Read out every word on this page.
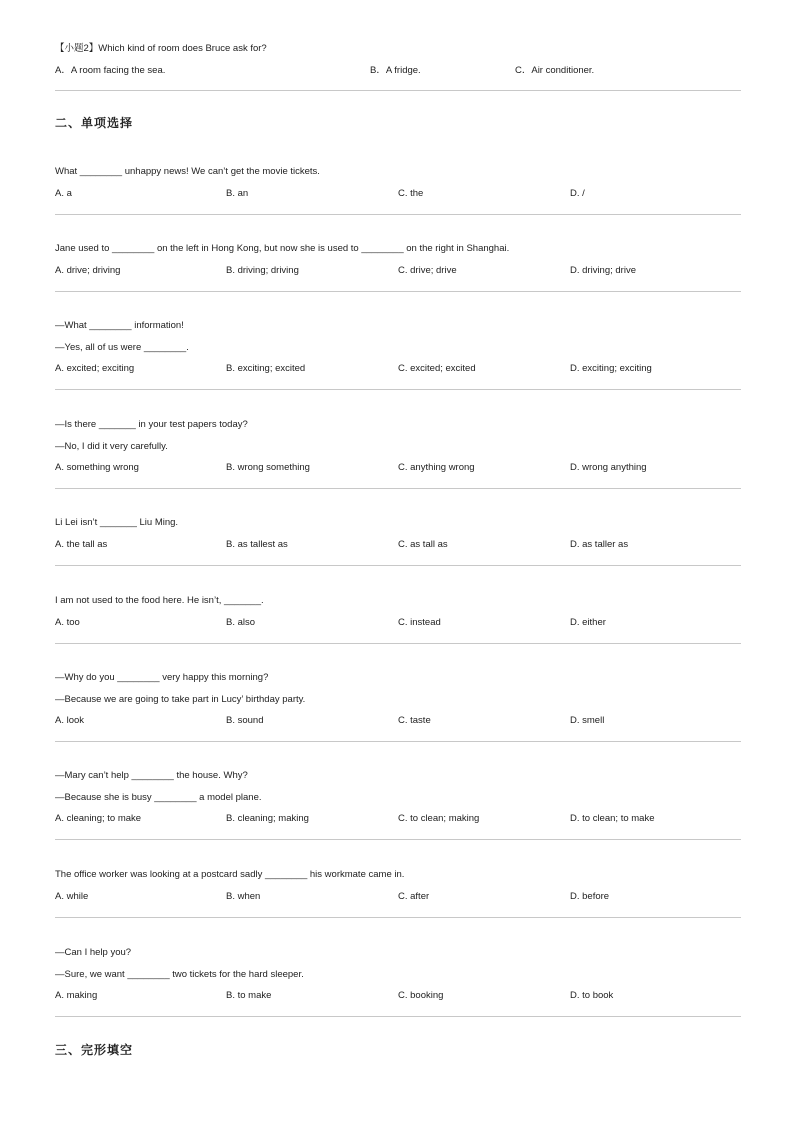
【小题2】Which kind of room does Bruce ask for?
A．A room facing the sea.	B．A fridge.	C．Air conditioner.
二、单项选择
What ________ unhappy news! We can’t get the movie tickets.
A. a	B. an	C. the	D. /
Jane used to ________ on the left in Hong Kong, but now she is used to ________ on the right in Shanghai.
A. drive; driving	B. driving; driving	C. drive; drive	D. driving; drive
—What ________ information!
—Yes, all of us were ________.
A. excited; exciting	B. exciting; excited	C. excited; excited	D. exciting; exciting
—Is there _______ in your test papers today?
—No, I did it very carefully.
A. something wrong	B. wrong something	C. anything wrong	D. wrong anything
Li Lei isn’t _______ Liu Ming.
A. the tall as	B. as tallest as	C. as tall as	D. as taller as
I am not used to the food here. He isn’t, _______.
A. too	B. also	C. instead	D. either
—Why do you ________ very happy this morning?
—Because we are going to take part in Lucy’ birthday party.
A. look	B. sound	C. taste	D. smell
—Mary can’t help ________ the house. Why?
—Because she is busy ________ a model plane.
A. cleaning; to make	B. cleaning; making	C. to clean; making	D. to clean; to make
The office worker was looking at a postcard sadly ________ his workmate came in.
A. while	B. when	C. after	D. before
—Can I help you?
—Sure, we want ________ two tickets for the hard sleeper.
A. making	B. to make	C. booking	D. to book
三、完形填空
